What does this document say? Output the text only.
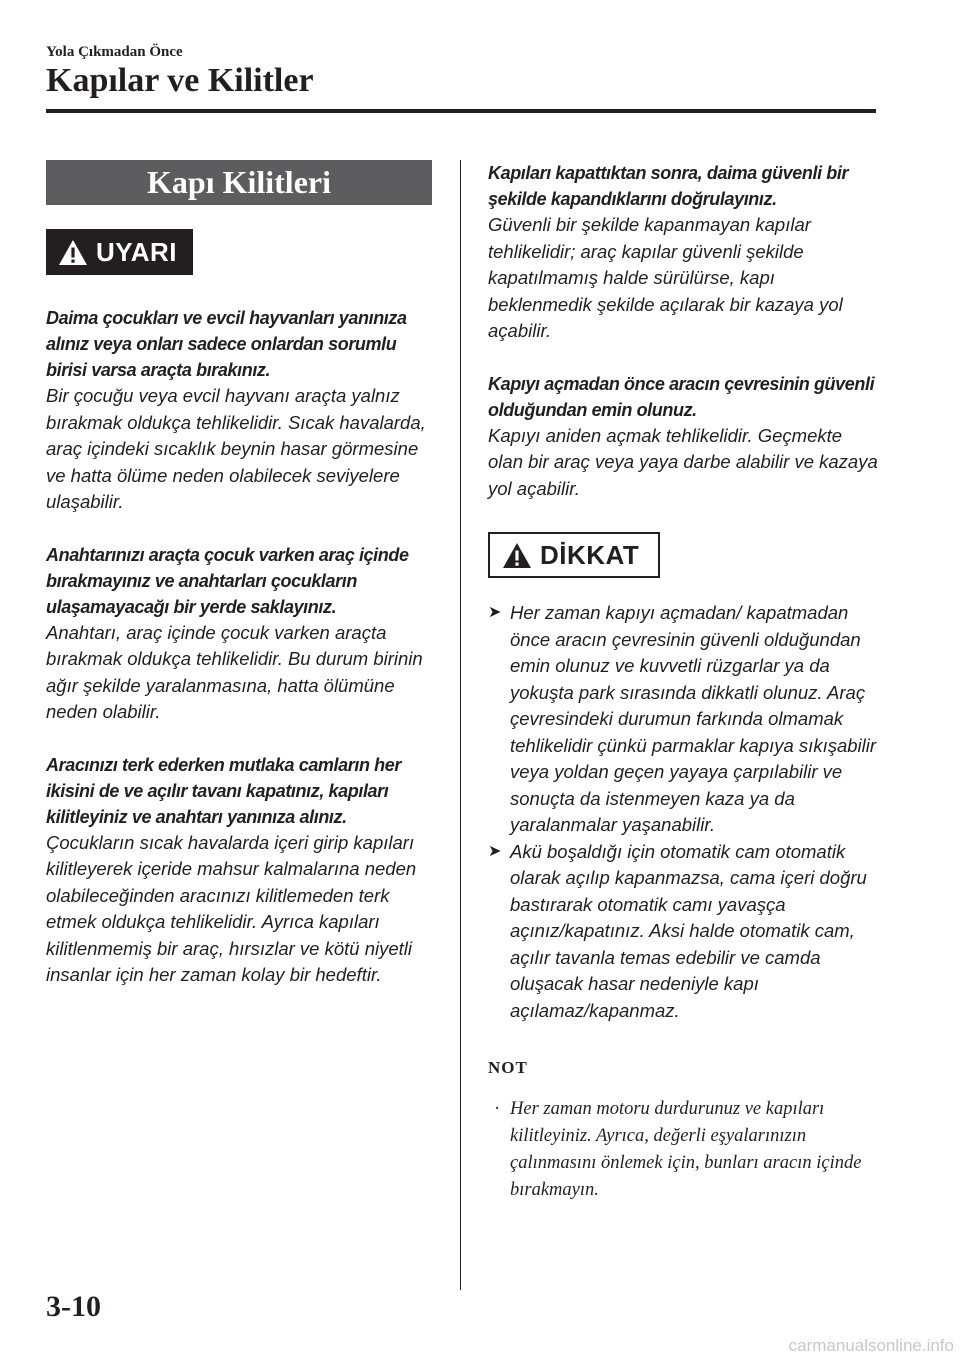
Yola Çıkmadan Önce
Kapılar ve Kilitler
Kapı Kilitleri
UYARI

Daima çocukları ve evcil hayvanları yanınıza alınız veya onları sadece onlardan sorumlu birisi varsa araçta bırakınız.

Bir çocuğu veya evcil hayvanı araçta yalnız bırakmak oldukça tehlikelidir. Sıcak havalarda, araç içindeki sıcaklık beynin hasar görmesine ve hatta ölüme neden olabilecek seviyelere ulaşabilir.

Anahtarınızı araçta çocuk varken araç içinde bırakmayınız ve anahtarları çocukların ulaşamayacağı bir yerde saklayınız.

Anahtarı, araç içinde çocuk varken araçta bırakmak oldukça tehlikelidir. Bu durum birinin ağır şekilde yaralanmasına, hatta ölümüne neden olabilir.

Aracınızı terk ederken mutlaka camların her ikisini de ve açılır tavanı kapatınız, kapıları kilitleyiniz ve anahtarı yanınıza alınız.

Çocukların sıcak havalarda içeri girip kapıları kilitleyerek içeride mahsur kalmalarına neden olabileceğinden aracınızı kilitlemeden terk etmek oldukça tehlikelidir. Ayrıca kapıları kilitlenmemiş bir araç, hırsızlar ve kötü niyetli insanlar için her zaman kolay bir hedeftir.

Kapıları kapattıktan sonra, daima güvenli bir şekilde kapandıklarını doğrulayınız.

Güvenli bir şekilde kapanmayan kapılar tehlikelidir; araç kapılar güvenli şekilde kapatılmamış halde sürülürse, kapı beklenmedik şekilde açılarak bir kazaya yol açabilir.

Kapıyı açmadan önce aracın çevresinin güvenli olduğundan emin olunuz.

Kapıyı aniden açmak tehlikelidir. Geçmekte olan bir araç veya yaya darbe alabilir ve kazaya yol açabilir.

DİKKAT
➤ Her zaman kapıyı açmadan/ kapatmadan önce aracın çevresinin güvenli olduğundan emin olunuz ve kuvvetli rüzgarlar ya da yokuşta park sırasında dikkatli olunuz. Araç çevresindeki durumun farkında olmamak tehlikelidir çünkü parmaklar kapıya sıkışabilir veya yoldan geçen yayaya çarpılabilir ve sonuçta da istenmeyen kaza ya da yaralanmalar yaşanabilir.
➤ Akü boşaldığı için otomatik cam otomatik olarak açılıp kapanmazsa, cama içeri doğru bastırarak otomatik camı yavaşça açınız/kapatınız. Aksi halde otomatik cam, açılır tavanla temas edebilir ve camda oluşacak hasar nedeniyle kapı açılamaz/kapanmaz.
NOT
· Her zaman motoru durdurunuz ve kapıları kilitleyiniz. Ayrıca, değerli eşyalarınızın çalınmasını önlemek için, bunları aracın içinde bırakmayın.
3-10
carmanualsonline.info
